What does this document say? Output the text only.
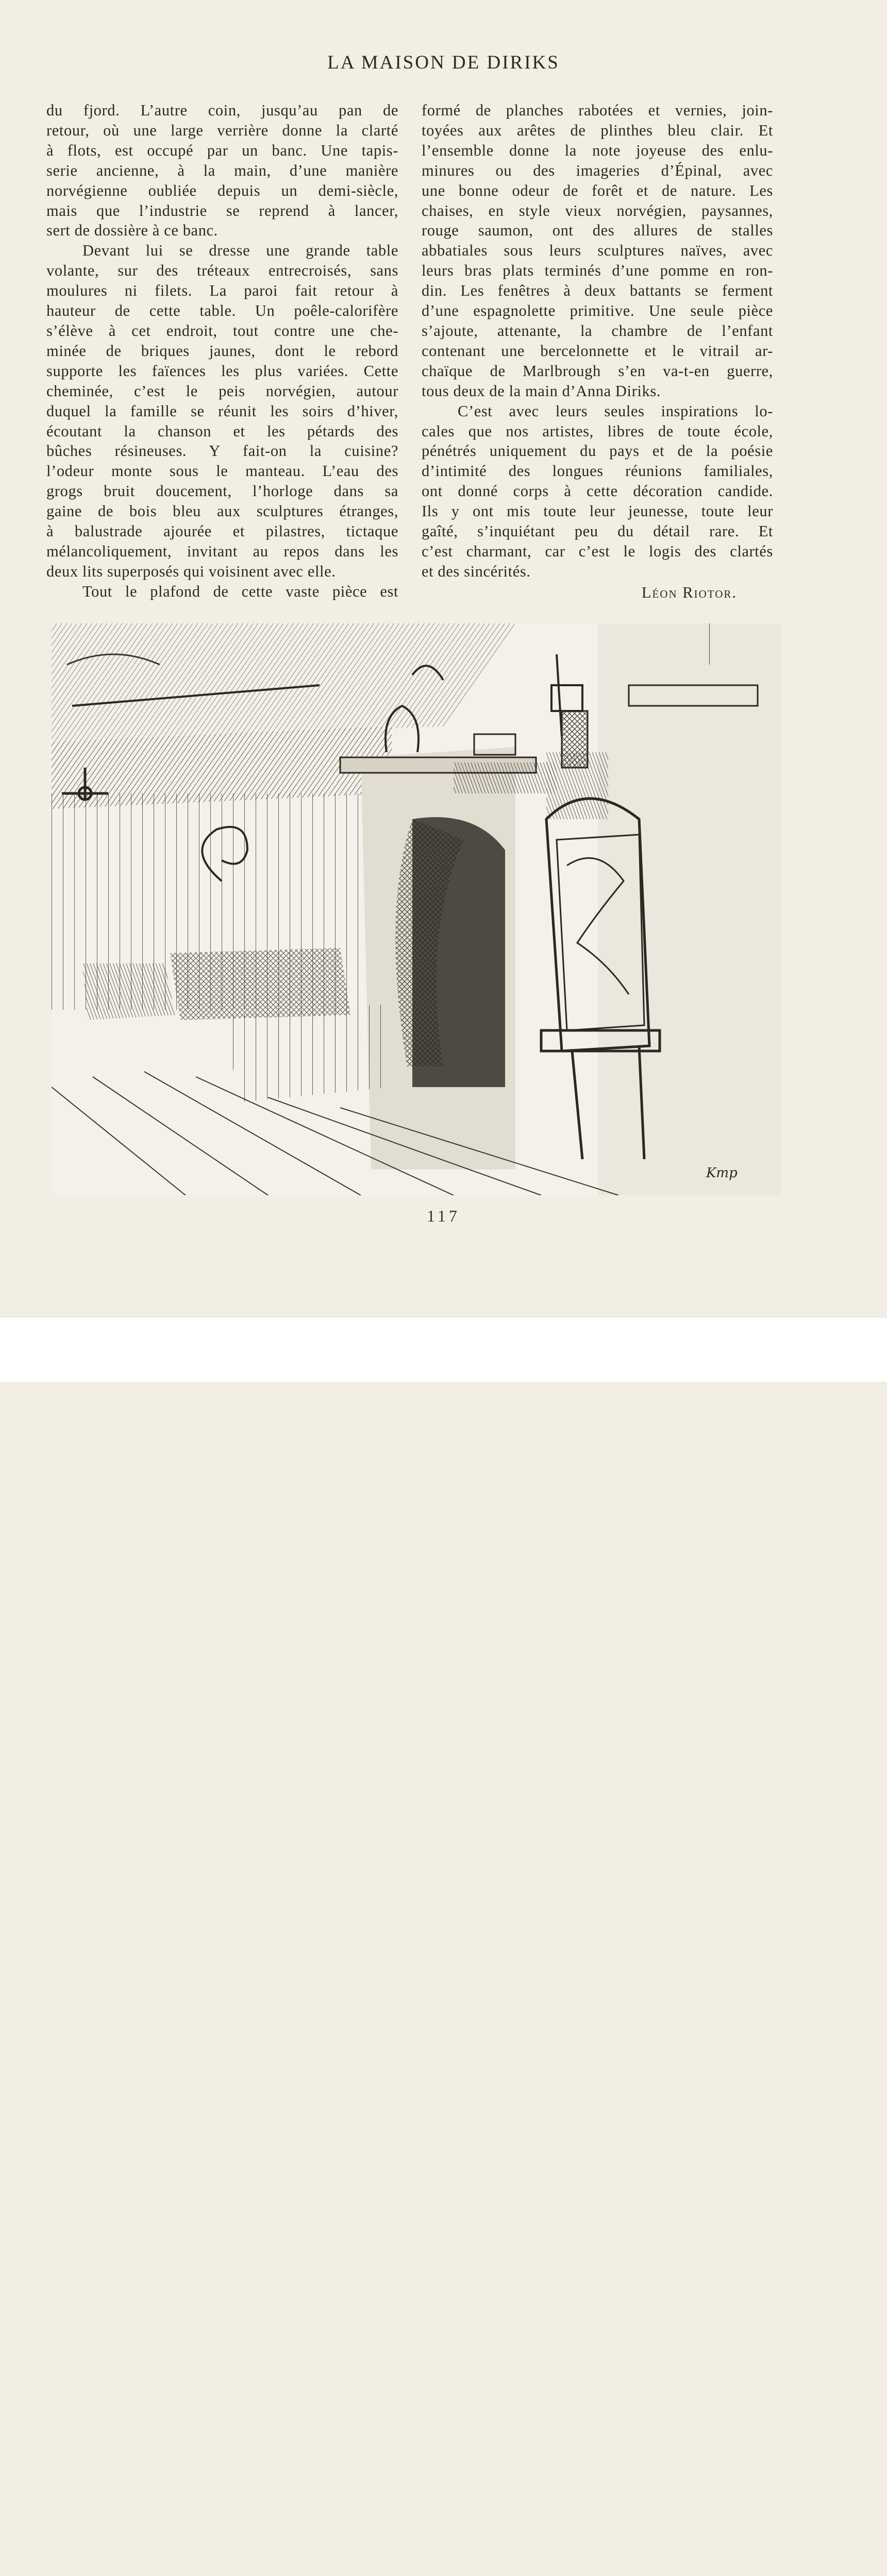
LA MAISON DE DIRIKS

du fjord. L’autre coin, jusqu’au pan de
retour, où une large verrière donne la clarté
à flots, est occupé par un banc. Une tapis-
serie ancienne, à la main, d’une manière
norvégienne oubliée depuis un demi-siècle,
mais que l’industrie se reprend à lancer,
sert de dossière à ce banc.

Devant lui se dresse une grande table
volante, sur des tréteaux entrecroisés, sans
moulures ni filets. La paroi fait retour à
hauteur de cette table. Un poêle-calorifère
s’élève à cet endroit, tout contre une che-
minée de briques jaunes, dont le rebord
supporte les faïences les plus variées. Cette
cheminée, c’est le peis norvégien, autour
duquel la famille se réunit les soirs d’hiver,
écoutant la chanson et les pétards des
bûches résineuses. Y fait-on la cuisine?
l’odeur monte sous le manteau. L’eau des
grogs bruit doucement, l’horloge dans sa
gaine de bois bleu aux sculptures étranges,
à balustrade ajourée et pilastres, tictaque
mélancoliquement, invitant au repos dans les
deux lits superposés qui voisinent avec elle.

Tout le plafond de cette vaste pièce est

formé de planches rabotées et vernies, join-
toyées aux arêtes de plinthes bleu clair. Et
l’ensemble donne la note joyeuse des enlu-
minures ou des imageries d’Épinal, avec
une bonne odeur de forêt et de nature. Les
chaises, en style vieux norvégien, paysannes,
rouge saumon, ont des allures de stalles
abbatiales sous leurs sculptures naïves, avec
leurs bras plats terminés d’une pomme en ron-
din. Les fenêtres à deux battants se ferment
d’une espagnolette primitive. Une seule pièce
s’ajoute, attenante, la chambre de l’enfant
contenant une bercelonnette et le vitrail ar-
chaïque de Marlbrough s’en va-t-en guerre,
tous deux de la main d’Anna Diriks.

C’est avec leurs seules inspirations lo-
cales que nos artistes, libres de toute école,
pénétrés uniquement du pays et de la poésie
d’intimité des longues réunions familiales,
ont donné corps à cette décoration candide.
Ils y ont mis toute leur jeunesse, toute leur
gaîté, s’inquiétant peu du détail rare. Et
c’est charmant, car c’est le logis des clartés
et des sincérités.

Léon Riotor.
Kmp
117
